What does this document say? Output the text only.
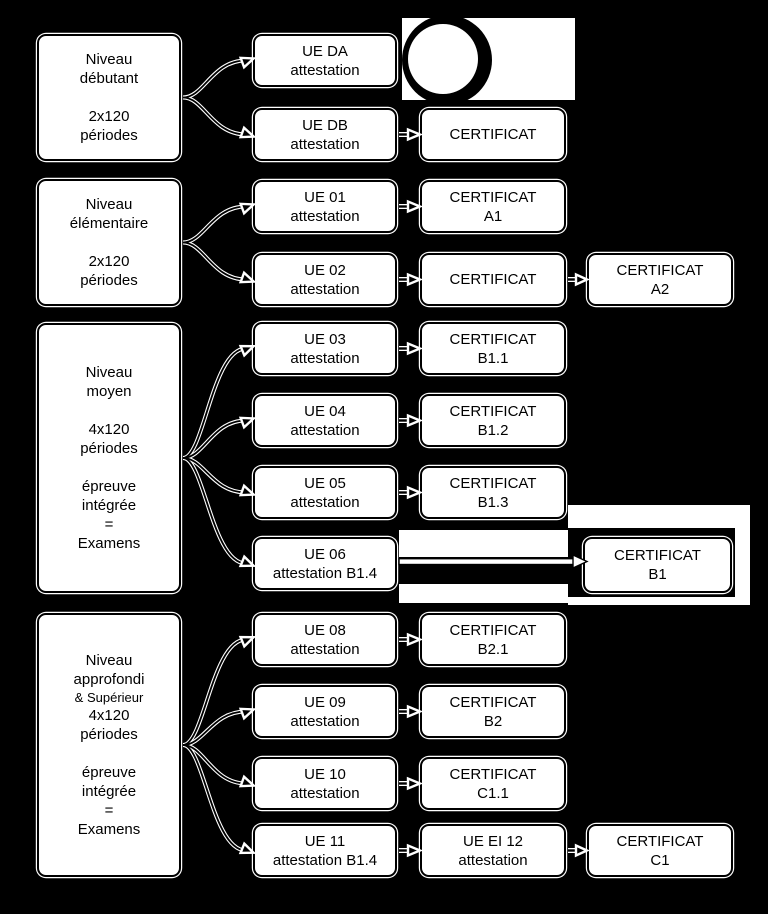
Niveau
débutant
2x120
périodes
Niveau
élémentaire
2x120
périodes
Niveau
moyen
4x120
périodes
épreuve
intégrée
=
Examens
Niveau
approfondi
& Supérieur
4x120
périodes
épreuve
intégrée
=
Examens
UE DA
attestation
UE DB
attestation
UE 01
attestation
UE 02
attestation
UE 03
attestation
UE 04
attestation
UE 05
attestation
UE 06
attestation B1.4
UE 08
attestation
UE 09
attestation
UE 10
attestation
UE 11
attestation B1.4
CERTIFICAT
CERTIFICAT
A1
CERTIFICAT
CERTIFICAT
B1.1
CERTIFICAT
B1.2
CERTIFICAT
B1.3
CERTIFICAT
B2.1
CERTIFICAT
B2
CERTIFICAT
C1.1
UE EI 12
attestation
CERTIFICAT
A2
CERTIFICAT
B1
CERTIFICAT
C1
